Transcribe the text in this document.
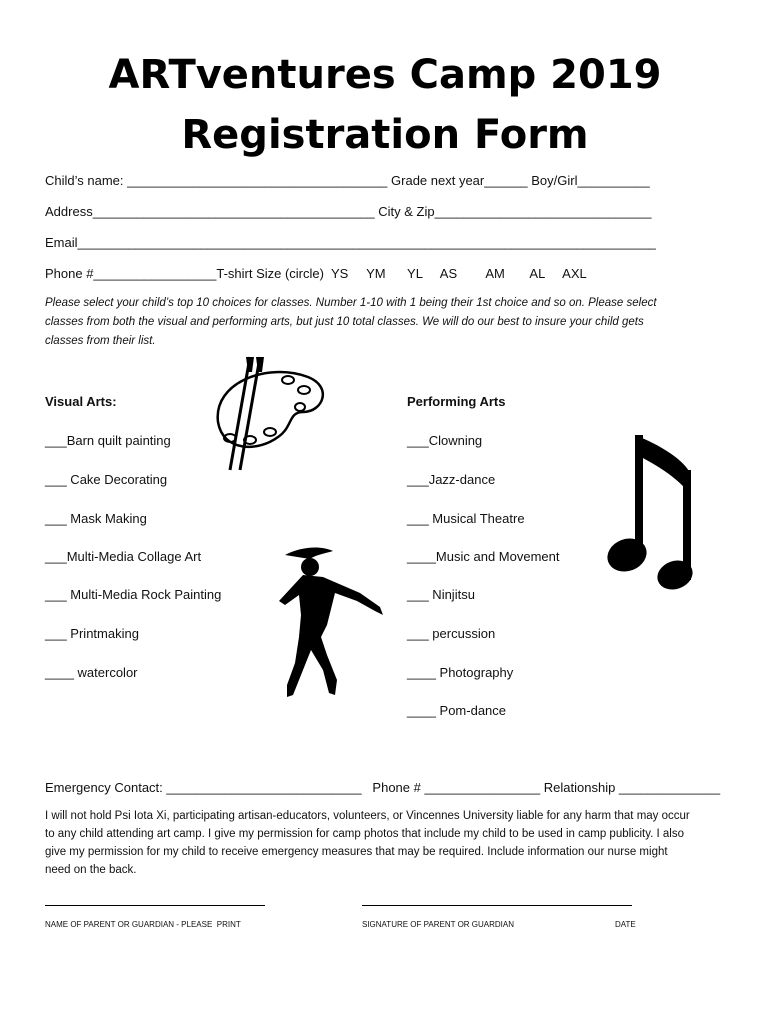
ARTventures Camp 2019
Registration Form
Child’s name: ____________________________________ Grade next year______ Boy/Girl__________
Address_______________________________________ City & Zip______________________________
Email________________________________________________________________________________
Phone #_________________T-shirt Size (circle)  YS     YM      YL     AS        AM       AL     AXL
Please select your child’s top 10 choices for classes. Number 1-10 with 1 being their 1st choice and so on. Please select
classes from both the visual and performing arts, but just 10 total classes. We will do our best to insure your child gets
classes from their list.
Visual Arts:	Performing Arts
___Barn quilt painting
___ Cake Decorating
___ Mask Making
___Multi-Media Collage Art
___ Multi-Media Rock Painting
___ Printmaking
____ watercolor
___Clowning
___Jazz-dance
___ Musical Theatre
____Music and Movement
___ Ninjitsu
___ percussion
____ Photography
____ Pom-dance
Emergency Contact: ___________________________   Phone # ________________ Relationship ______________
I will not hold Psi Iota Xi, participating artisan-educators, volunteers, or Vincennes University liable for any harm that may occur
to any child attending art camp. I give my permission for camp photos that include my child to be used in camp publicity. I also
give my permission for my child to receive emergency measures that may be required. Include information our nurse might
need on the back.
NAME OF PARENT OR GUARDIAN - PLEASE  PRINT	SIGNATURE OF PARENT OR GUARDIAN	DATE
